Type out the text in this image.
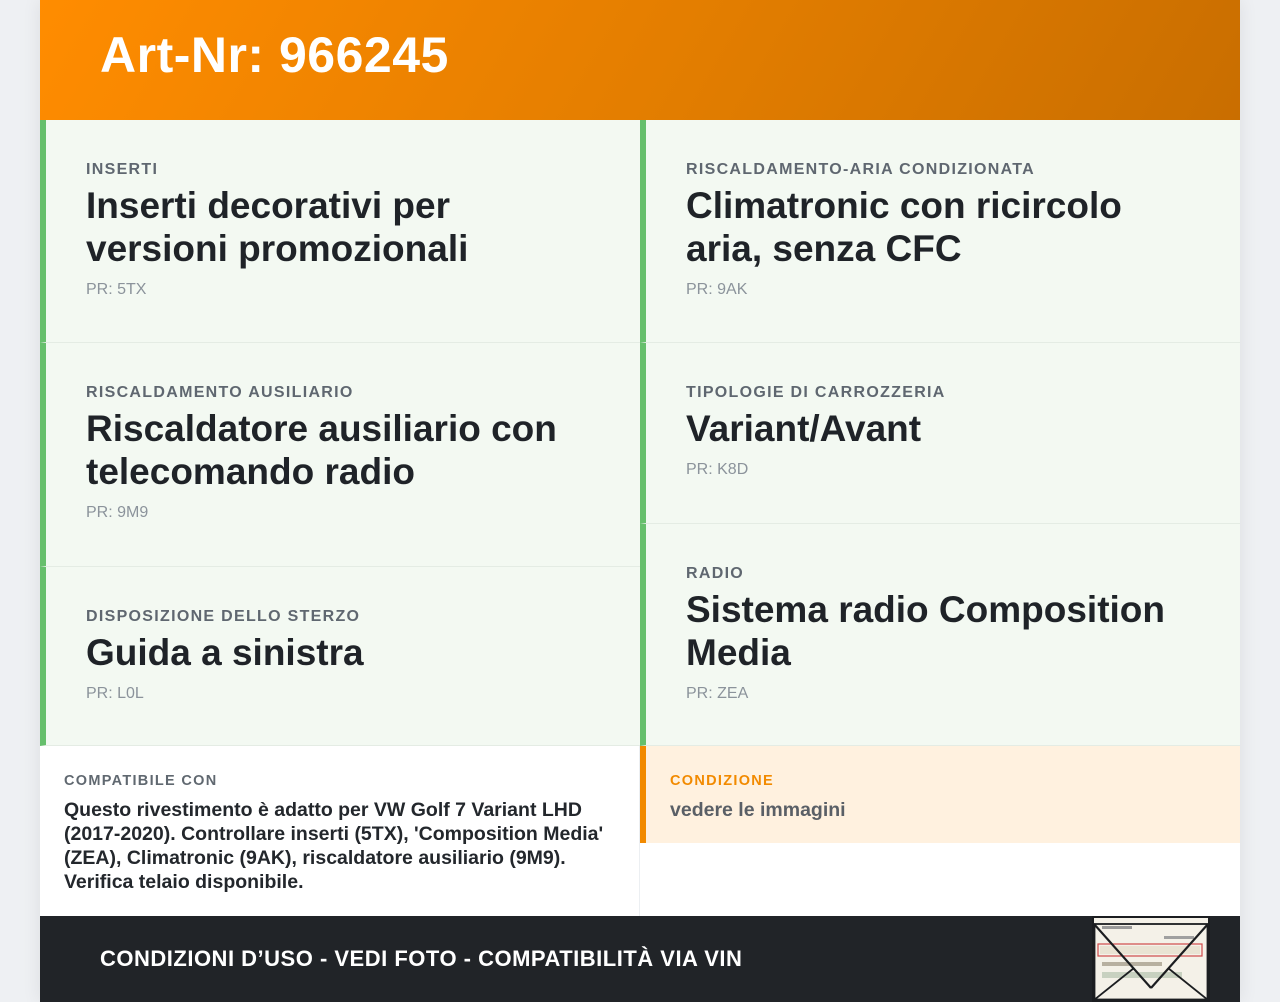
Art-Nr: 966245
INSERTI
Inserti decorativi per versioni promozionali
PR: 5TX
RISCALDAMENTO AUSILIARIO
Riscaldatore ausiliario con telecomando radio
PR: 9M9
DISPOSIZIONE DELLO STERZO
Guida a sinistra
PR: L0L
RISCALDAMENTO-ARIA CONDIZIONATA
Climatronic con ricircolo aria, senza CFC
PR: 9AK
TIPOLOGIE DI CARROZZERIA
Variant/Avant
PR: K8D
RADIO
Sistema radio Composition Media
PR: ZEA
COMPATIBILE CON
Questo rivestimento è adatto per VW Golf 7 Variant LHD (2017-2020). Controllare inserti (5TX), 'Composition Media' (ZEA), Climatronic (9AK), riscaldatore ausiliario (9M9). Verifica telaio disponibile.
CONDIZIONE
vedere le immagini
CONDIZIONI D’USO - VEDI FOTO - COMPATIBILITÀ VIA VIN
